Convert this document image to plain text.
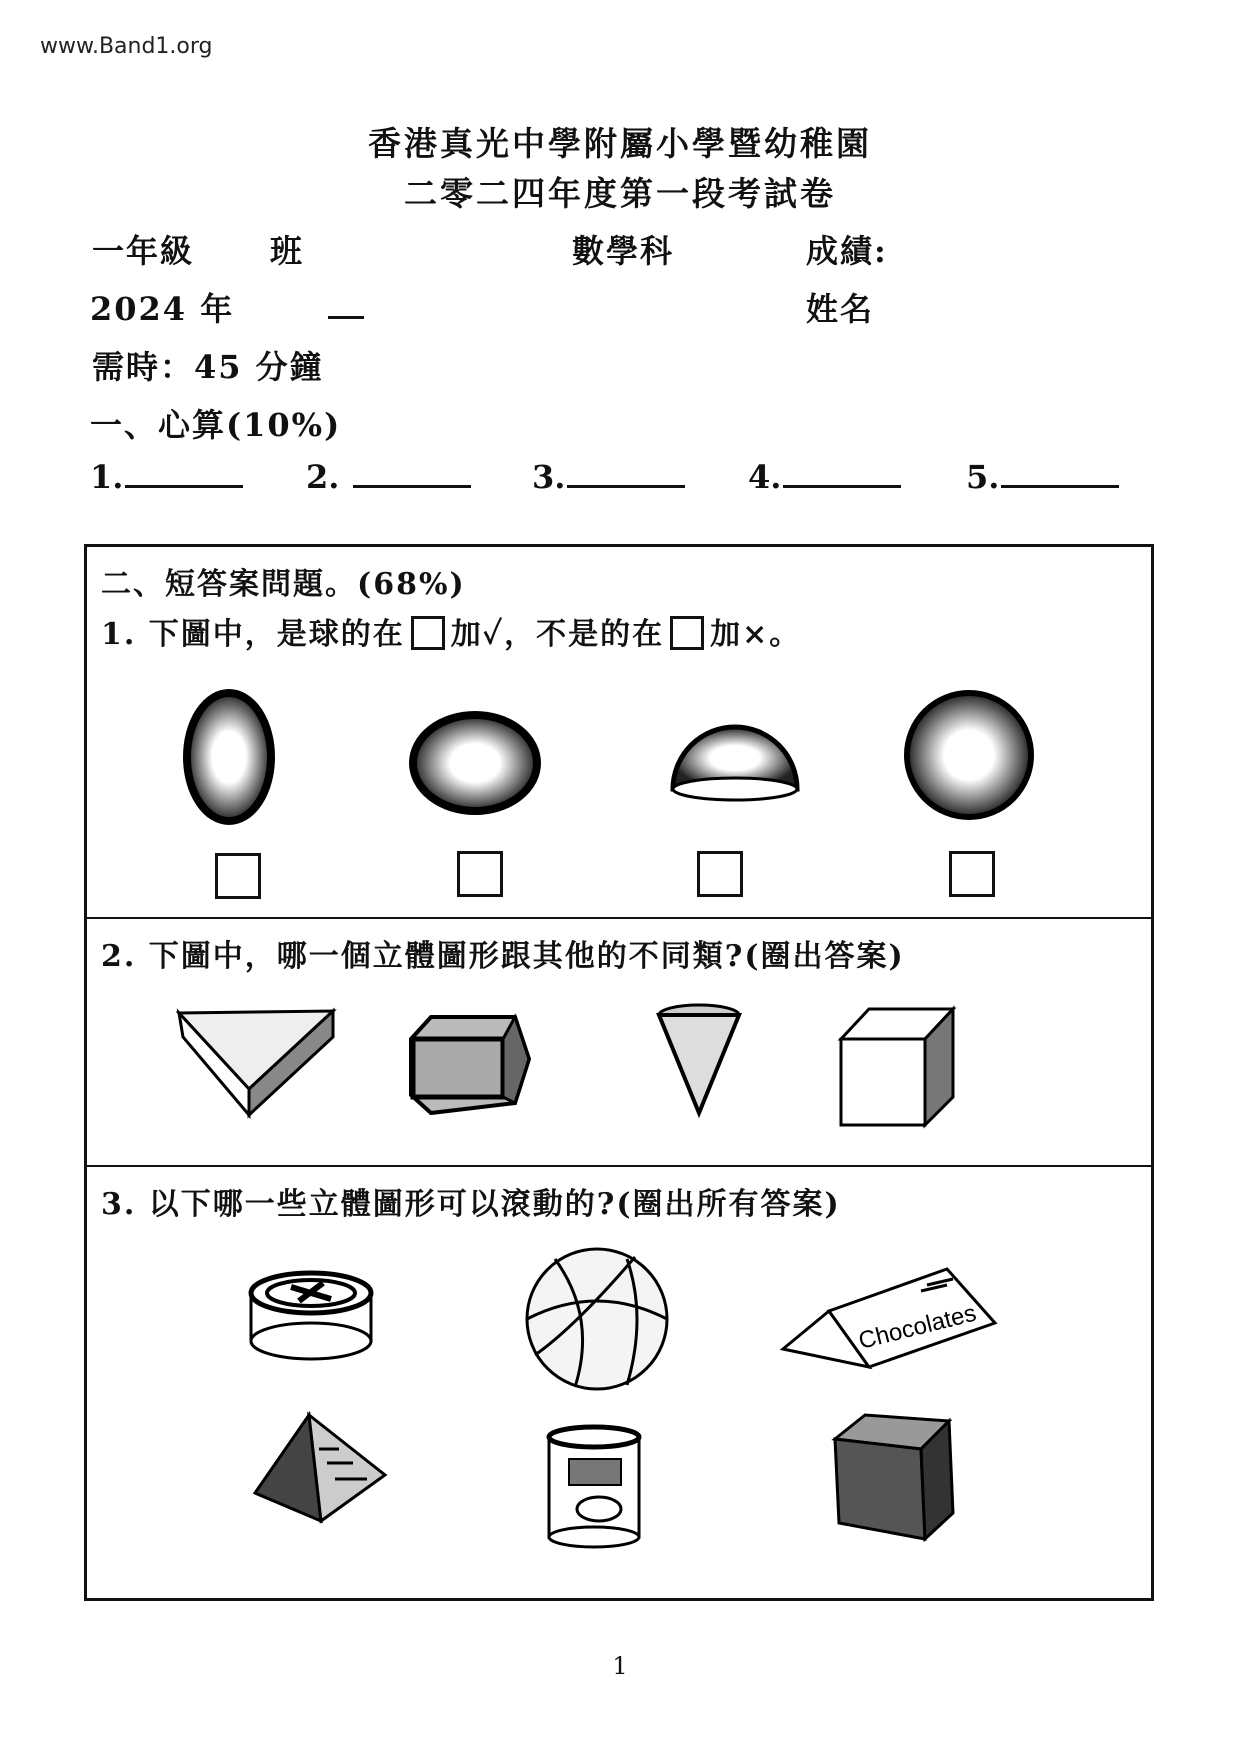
www.Band1.org
香港真光中學附屬小學暨幼稚園
二零二四年度第一段考試卷
一年級 班	數學科	成績:
2024 年	姓名
需時：45 分鐘
一、心算(10%)
1.	2.	3.	4.	5.
二、短答案問題。(68%)
1. 下圖中，是球的在 加✓，不是的在 加×。
2. 下圖中，哪一個立體圖形跟其他的不同類?(圈出答案)
3. 以下哪一些立體圖形可以滾動的?(圈出所有答案)
Chocolates
1
